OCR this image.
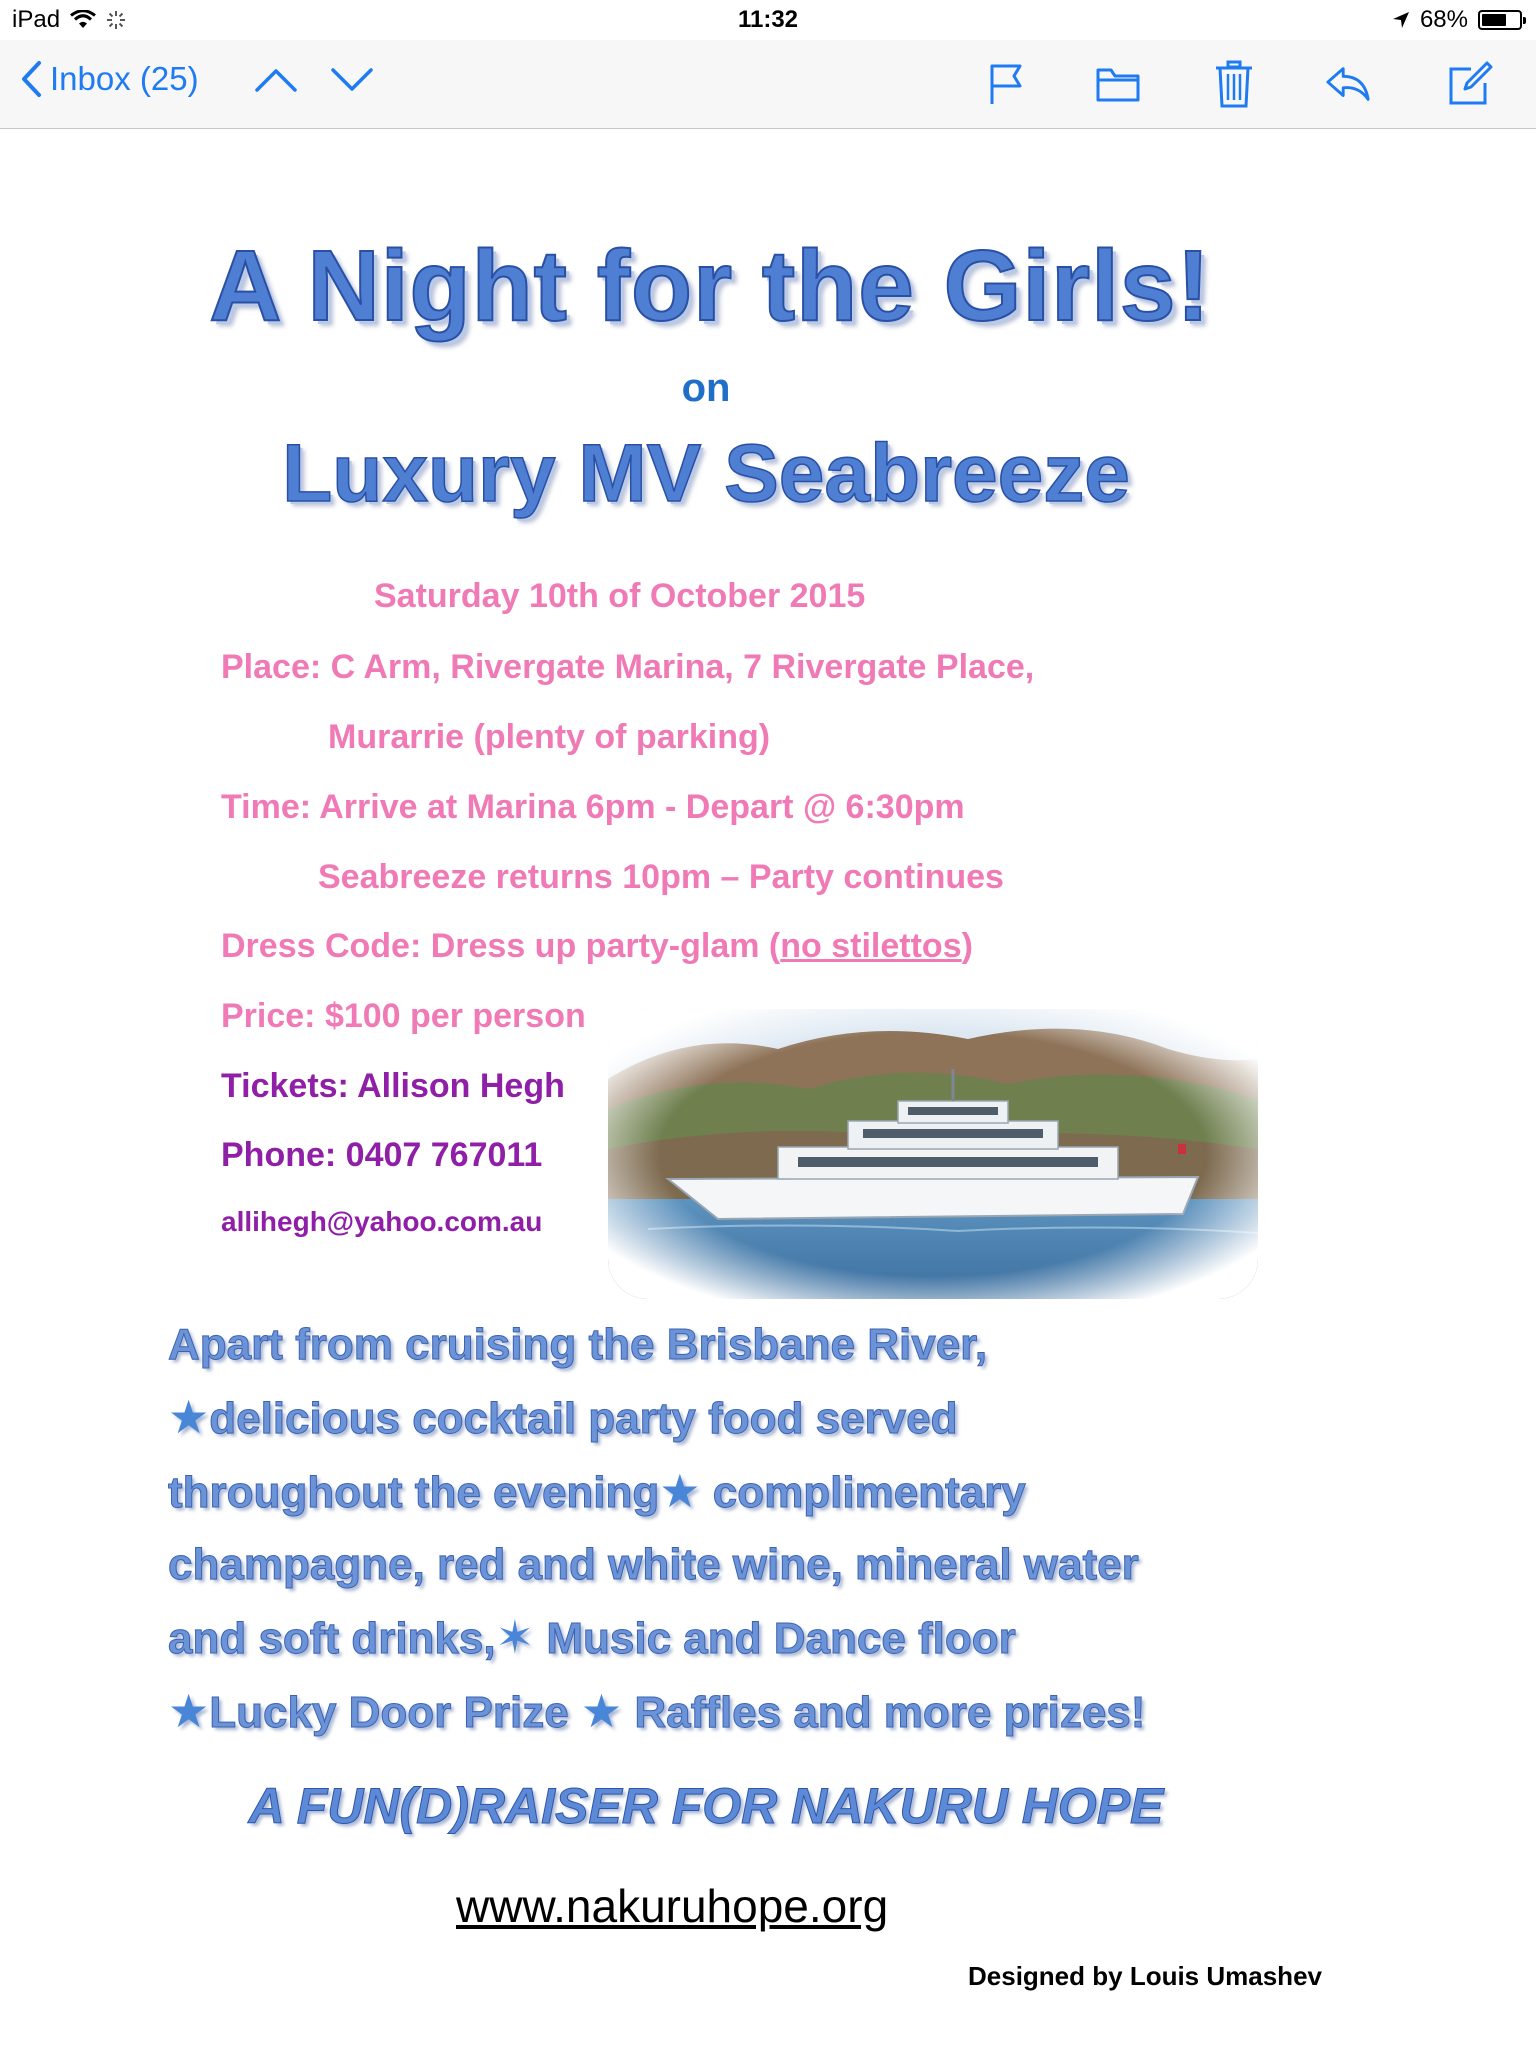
iPad	11:32	68%
Inbox (25)
A Night for the Girls!
on
Luxury MV Seabreeze
Saturday 10th of October 2015
Place: C Arm, Rivergate Marina, 7 Rivergate Place,
Murarrie (plenty of parking)
Time: Arrive at Marina 6pm - Depart @ 6:30pm
Seabreeze returns 10pm – Party continues
Dress Code: Dress up party-glam (no stilettos)
Price: $100 per person
Tickets: Allison Hegh
Phone: 0407 767011
allihegh@yahoo.com.au
Apart from cruising the Brisbane River,
★delicious cocktail party food served
throughout the evening★ complimentary
champagne, red and white wine, mineral water
and soft drinks,✶ Music and Dance floor
★Lucky Door Prize ★ Raffles and more prizes!
A FUN(D)RAISER FOR NAKURU HOPE
www.nakuruhope.org
Designed by Louis Umashev
